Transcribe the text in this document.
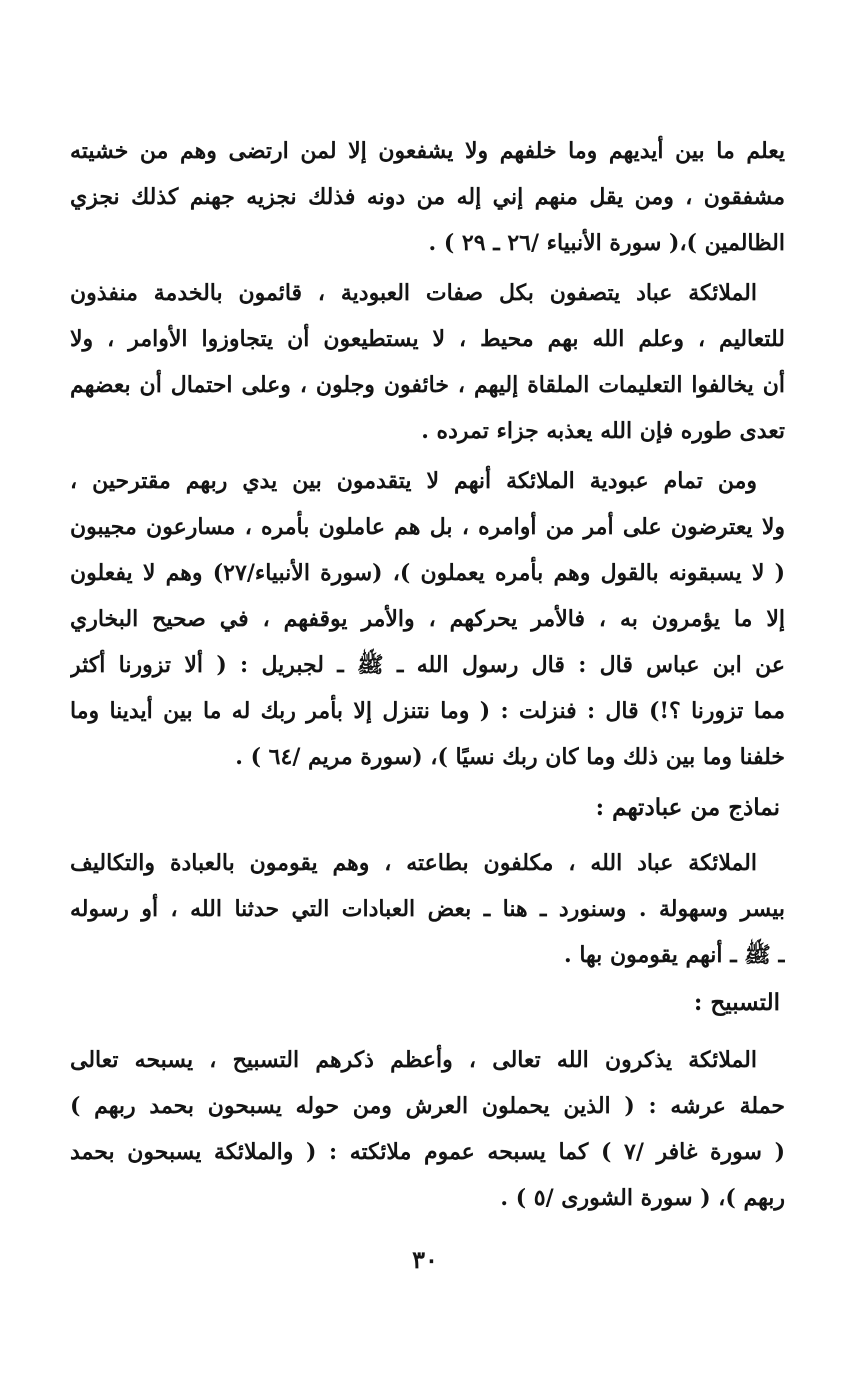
يعلم ما بين أيديهم وما خلفهم ولا يشفعون إلا لمن ارتضى وهم من خشيته
مشفقون ، ومن يقل منهم إني إله من دونه فذلك نجزيه جهنم كذلك نجزي
الظالمين )،( سورة الأنبياء /٢٦ ـ ٢٩ ) .
الملائكة عباد يتصفون بكل صفات العبودية ، قائمون بالخدمة منفذون
للتعاليم ، وعلم الله بهم محيط ، لا يستطيعون أن يتجاوزوا الأوامر ، ولا
أن يخالفوا التعليمات الملقاة إليهم ، خائفون وجلون ، وعلى احتمال أن بعضهم
تعدى طوره فإن الله يعذبه جزاء تمرده .
ومن تمام عبودية الملائكة أنهم لا يتقدمون بين يدي ربهم مقترحين ،
ولا يعترضون على أمر من أوامره ، بل هم عاملون بأمره ، مسارعون مجيبون
( لا يسبقونه بالقول وهم بأمره يعملون )، (سورة الأنبياء/٢٧) وهم لا يفعلون
إلا ما يؤمرون به ، فالأمر يحركهم ، والأمر يوقفهم ، في صحيح البخاري
عن ابن عباس قال : قال رسول الله ـ ﷺ ـ لجبريل : ( ألا تزورنا أكثر
مما تزورنا ؟!) قال : فنزلت : ( وما نتنزل إلا بأمر ربك له ما بين أيدينا وما
خلفنا وما بين ذلك وما كان ربك نسيًا )، (سورة مريم /٦٤ ) .
نماذج من عبادتهم :
الملائكة عباد الله ، مكلفون بطاعته ، وهم يقومون بالعبادة والتكاليف
بيسر وسهولة . وسنورد ـ هنا ـ بعض العبادات التي حدثنا الله ، أو رسوله
ـ ﷺ ـ أنهم يقومون بها .
التسبيح :
الملائكة يذكرون الله تعالى ، وأعظم ذكرهم التسبيح ، يسبحه تعالى
حملة عرشه : ( الذين يحملون العرش ومن حوله يسبحون بحمد ربهم )
( سورة غافر /٧ ) كما يسبحه عموم ملائكته : ( والملائكة يسبحون بحمد
ربهم )، ( سورة الشورى /٥ ) .
٣٠
